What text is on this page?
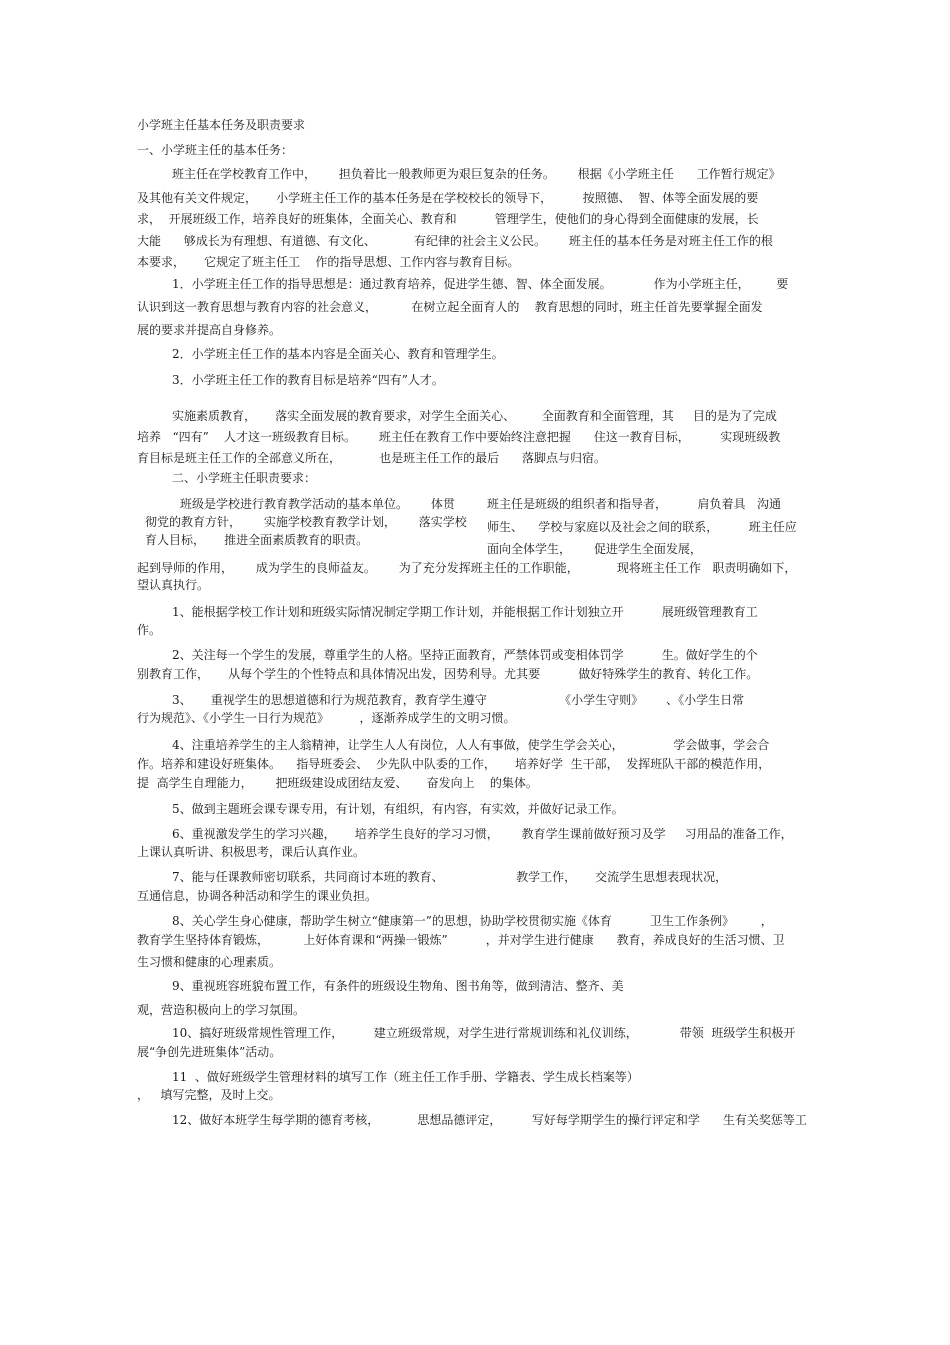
小学班主任基本任务及职责要求
一、小学班主任的基本任务：
班主任在学校教育工作中，      担负着比一般教师更为艰巨复杂的任务。      根据《小学班主任      工作暂行规定》
及其他有关文件规定，     小学班主任工作的基本任务是在学校校长的领导下，        按照德、  智、体等全面发展的要
求，  开展班级工作，培养良好的班集体，全面关心、教育和          管理学生，使他们的身心得到全面健康的发展，长
大能      够成长为有理想、有道德、有文化、          有纪律的社会主义公民。      班主任的基本任务是对班主任工作的根
本要求，     它规定了班主任工    作的指导思想、工作内容与教育目标。
1．小学班主任工作的指导思想是：通过教育培养，促进学生德、智、体全面发展。           作为小学班主任，       要
认识到这一教育思想与教育内容的社会意义，         在树立起全面育人的    教育思想的同时，班主任首先要掌握全面发
展的要求并提高自身修养。
2．小学班主任工作的基本内容是全面关心、教育和管理学生。
3．小学班主任工作的教育目标是培养“四有”人才。
实施素质教育，     落实全面发展的教育要求，对学生全面关心、       全面教育和全面管理，其     目的是为了完成
培养   “四有”    人才这一班级教育目标。      班主任在教育工作中要始终注意把握      住这一教育目标，        实现班级教
育目标是班主任工作的全部意义所在，          也是班主任工作的最后      落脚点与归宿。
二、小学班主任职责要求：
班级是学校进行教育教学活动的基本单位。      体贯
彻党的教育方针，      实施学校教育教学计划，      落实学校
育人目标，     推进全面素质教育的职责。
班主任是班级的组织者和指导者，        肩负着具   沟通
师生、    学校与家庭以及社会之间的联系，        班主任应
面向全体学生，      促进学生全面发展，
起到导师的作用，      成为学生的良师益友。      为了充分发挥班主任的工作职能，          现将班主任工作   职责明确如下，
望认真执行。
1、能根据学校工作计划和班级实际情况制定学期工作计划，并能根据工作计划独立开          展班级管理教育工
作。
2、关注每一个学生的发展，尊重学生的人格。坚持正面教育，严禁体罚或变相体罚学          生。做好学生的个
别教育工作，     从每个学生的个性特点和具体情况出发，因势利导。尤其要          做好特殊学生的教育、转化工作。
3、     重视学生的思想道德和行为规范教育，教育学生遵守                   《小学生守则》      、《小学生日常
行为规范》、《小学生一日行为规范》        ，逐渐养成学生的文明习惯。
4、注重培养学生的主人翁精神，让学生人人有岗位，人人有事做，使学生学会关心，             学会做事，学会合
作。培养和建设好班集体。    指导班委会、  少先队中队委的工作，     培养好学  生干部，  发挥班队干部的模范作用，
提  高学生自理能力，      把班级建设成团结友爱、     奋发向上    的集体。
5、做到主题班会课专课专用，有计划，有组织，有内容，有实效，并做好记录工作。
6、重视激发学生的学习兴趣，     培养学生良好的学习习惯，      教育学生课前做好预习及学     习用品的准备工作，
上课认真听讲、积极思考，课后认真作业。
7、能与任课教师密切联系，共同商讨本班的教育、                   教学工作，     交流学生思想表现状况，
互通信息，协调各种活动和学生的课业负担。
8、关心学生身心健康，帮助学生树立“健康第一”的思想，协助学校贯彻实施《体育          卫生工作条例》       ，
教育学生坚持体育锻炼，         上好体育课和“两操一锻炼”          ，并对学生进行健康      教育，养成良好的生活习惯、卫
生习惯和健康的心理素质。
9、重视班容班貌布置工作，有条件的班级设生物角、图书角等，做到清洁、整齐、美
观，营造积极向上的学习氛围。
10、搞好班级常规性管理工作，        建立班级常规，对学生进行常规训练和礼仪训练，           带领  班级学生积极开
展“争创先进班集体”活动。
11  、做好班级学生管理材料的填写工作（班主任工作手册、学籍表、学生成长档案等）
，   填写完整，及时上交。
12、做好本班学生每学期的德育考核，          思想品德评定，        写好每学期学生的操行评定和学      生有关奖惩等工
